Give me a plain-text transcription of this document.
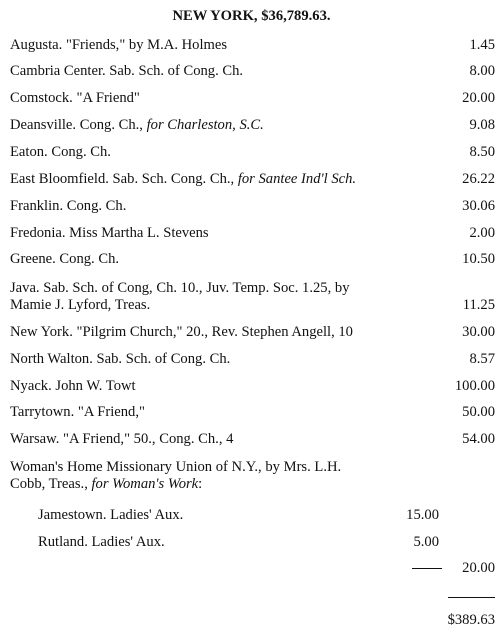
NEW YORK, $36,789.63.
Augusta. "Friends," by M.A. Holmes	1.45
Cambria Center. Sab. Sch. of Cong. Ch.	8.00
Comstock. "A Friend"	20.00
Deansville. Cong. Ch., for Charleston, S.C.	9.08
Eaton. Cong. Ch.	8.50
East Bloomfield. Sab. Sch. Cong. Ch., for Santee Ind'l Sch.	26.22
Franklin. Cong. Ch.	30.06
Fredonia. Miss Martha L. Stevens	2.00
Greene. Cong. Ch.	10.50
Java. Sab. Sch. of Cong, Ch. 10., Juv. Temp. Soc. 1.25, by Mamie J. Lyford, Treas.	11.25
New York. "Pilgrim Church," 20., Rev. Stephen Angell, 10	30.00
North Walton. Sab. Sch. of Cong. Ch.	8.57
Nyack. John W. Towt	100.00
Tarrytown. "A Friend,"	50.00
Warsaw. "A Friend," 50., Cong. Ch., 4	54.00
Woman's Home Missionary Union of N.Y., by Mrs. L.H. Cobb, Treas., for Woman's Work:
Jamestown. Ladies' Aux.	15.00
Rutland. Ladies' Aux.	5.00
20.00
$389.63
